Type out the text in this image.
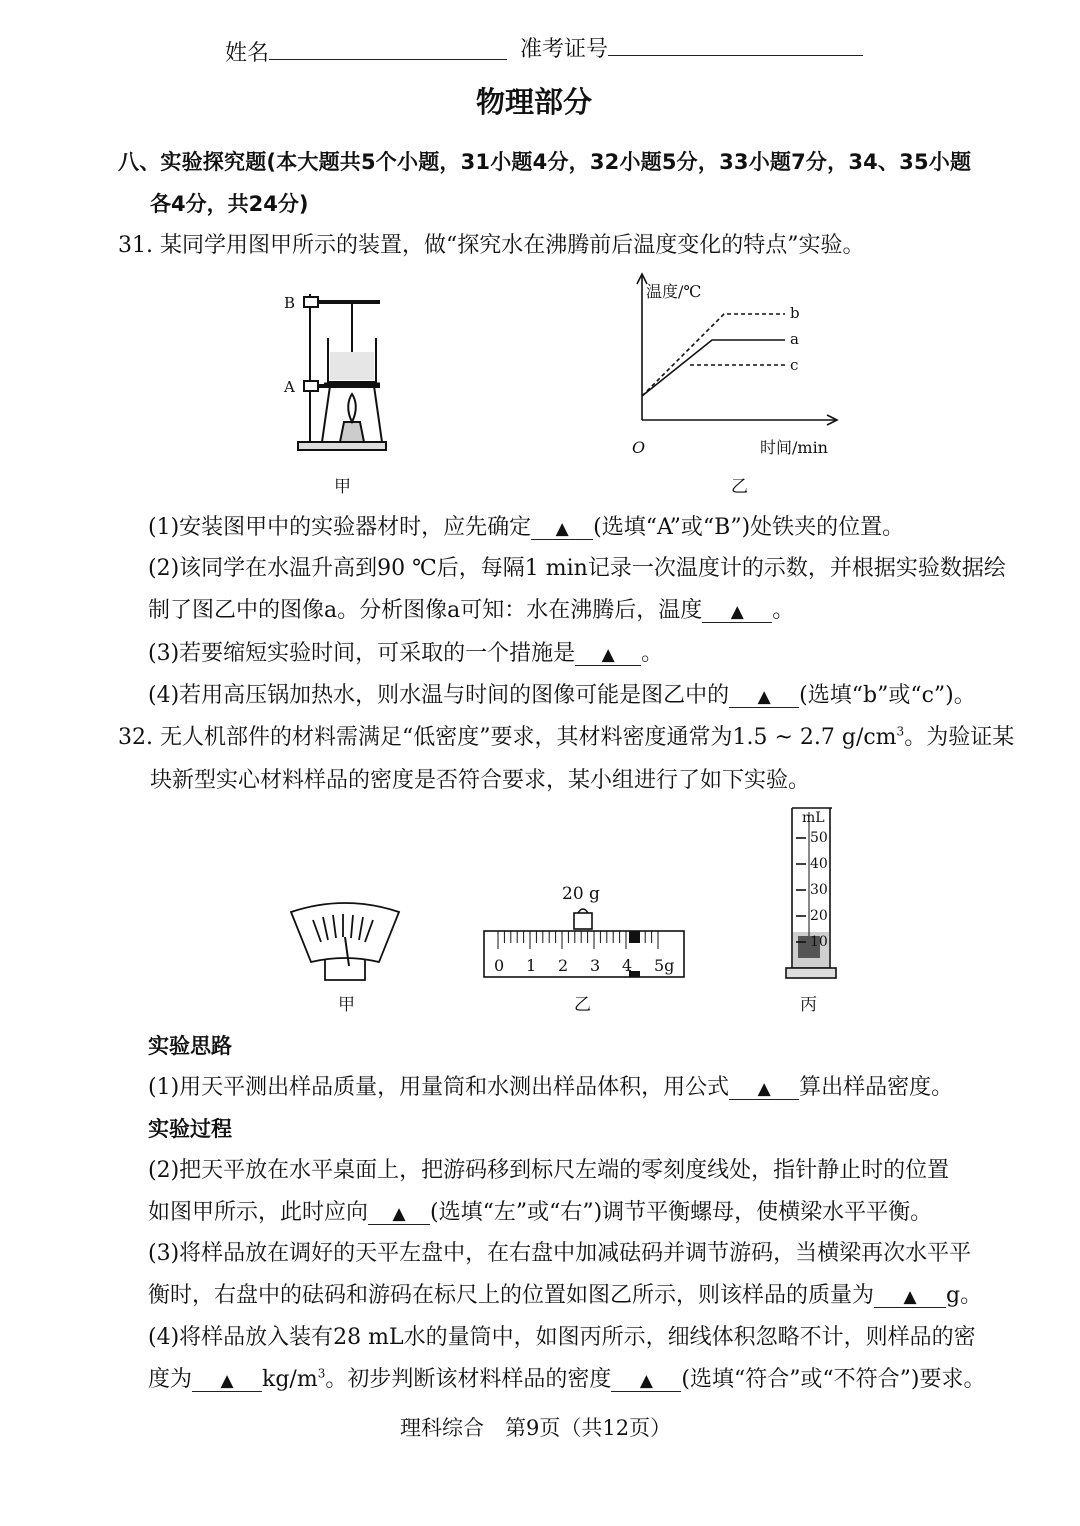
姓名	准考证号
物理部分
八、实验探究题(本大题共5个小题，31小题4分，32小题5分，33小题7分，34、35小题
各4分，共24分)
31. 某同学用图甲所示的装置，做“探究水在沸腾前后温度变化的特点”实验。
B
A
甲
温度/℃
时间/min
O
b
a
c
乙
(1)安装图甲中的实验器材时，应先确定 ▲ (选填“A”或“B”)处铁夹的位置。
(2)该同学在水温升高到90 ℃后，每隔1 min记录一次温度计的示数，并根据实验数据绘
制了图乙中的图像a。分析图像a可知：水在沸腾后，温度 ▲ 。
(3)若要缩短实验时间，可采取的一个措施是 ▲ 。
(4)若用高压锅加热水，则水温与时间的图像可能是图乙中的 ▲ (选填“b”或“c”)。
32. 无人机部件的材料需满足“低密度”要求，其材料密度通常为1.5 ~ 2.7 $g/cm^3$。为验证某
块新型实心材料样品的密度是否符合要求，某小组进行了如下实验。
甲
20 g
0 1 2 3 4 5g
乙
mL
50
40
30
20
10
丙
实验思路
(1)用天平测出样品质量，用量筒和水测出样品体积，用公式 ▲ 算出样品密度。
实验过程
(2)把天平放在水平桌面上，把游码移到标尺左端的零刻度线处，指针静止时的位置
如图甲所示，此时应向 ▲ (选填“左”或“右”)调节平衡螺母，使横梁水平平衡。
(3)将样品放在调好的天平左盘中，在右盘中加减砝码并调节游码，当横梁再次水平平
衡时，右盘中的砝码和游码在标尺上的位置如图乙所示，则该样品的质量为 ▲ g。
(4)将样品放入装有28 mL水的量筒中，如图丙所示，细线体积忽略不计，则样品的密
度为 ▲ $kg/m^3$。初步判断该材料样品的密度 ▲ (选填“符合”或“不符合”)要求。
理科综合　第9页（共12页）
